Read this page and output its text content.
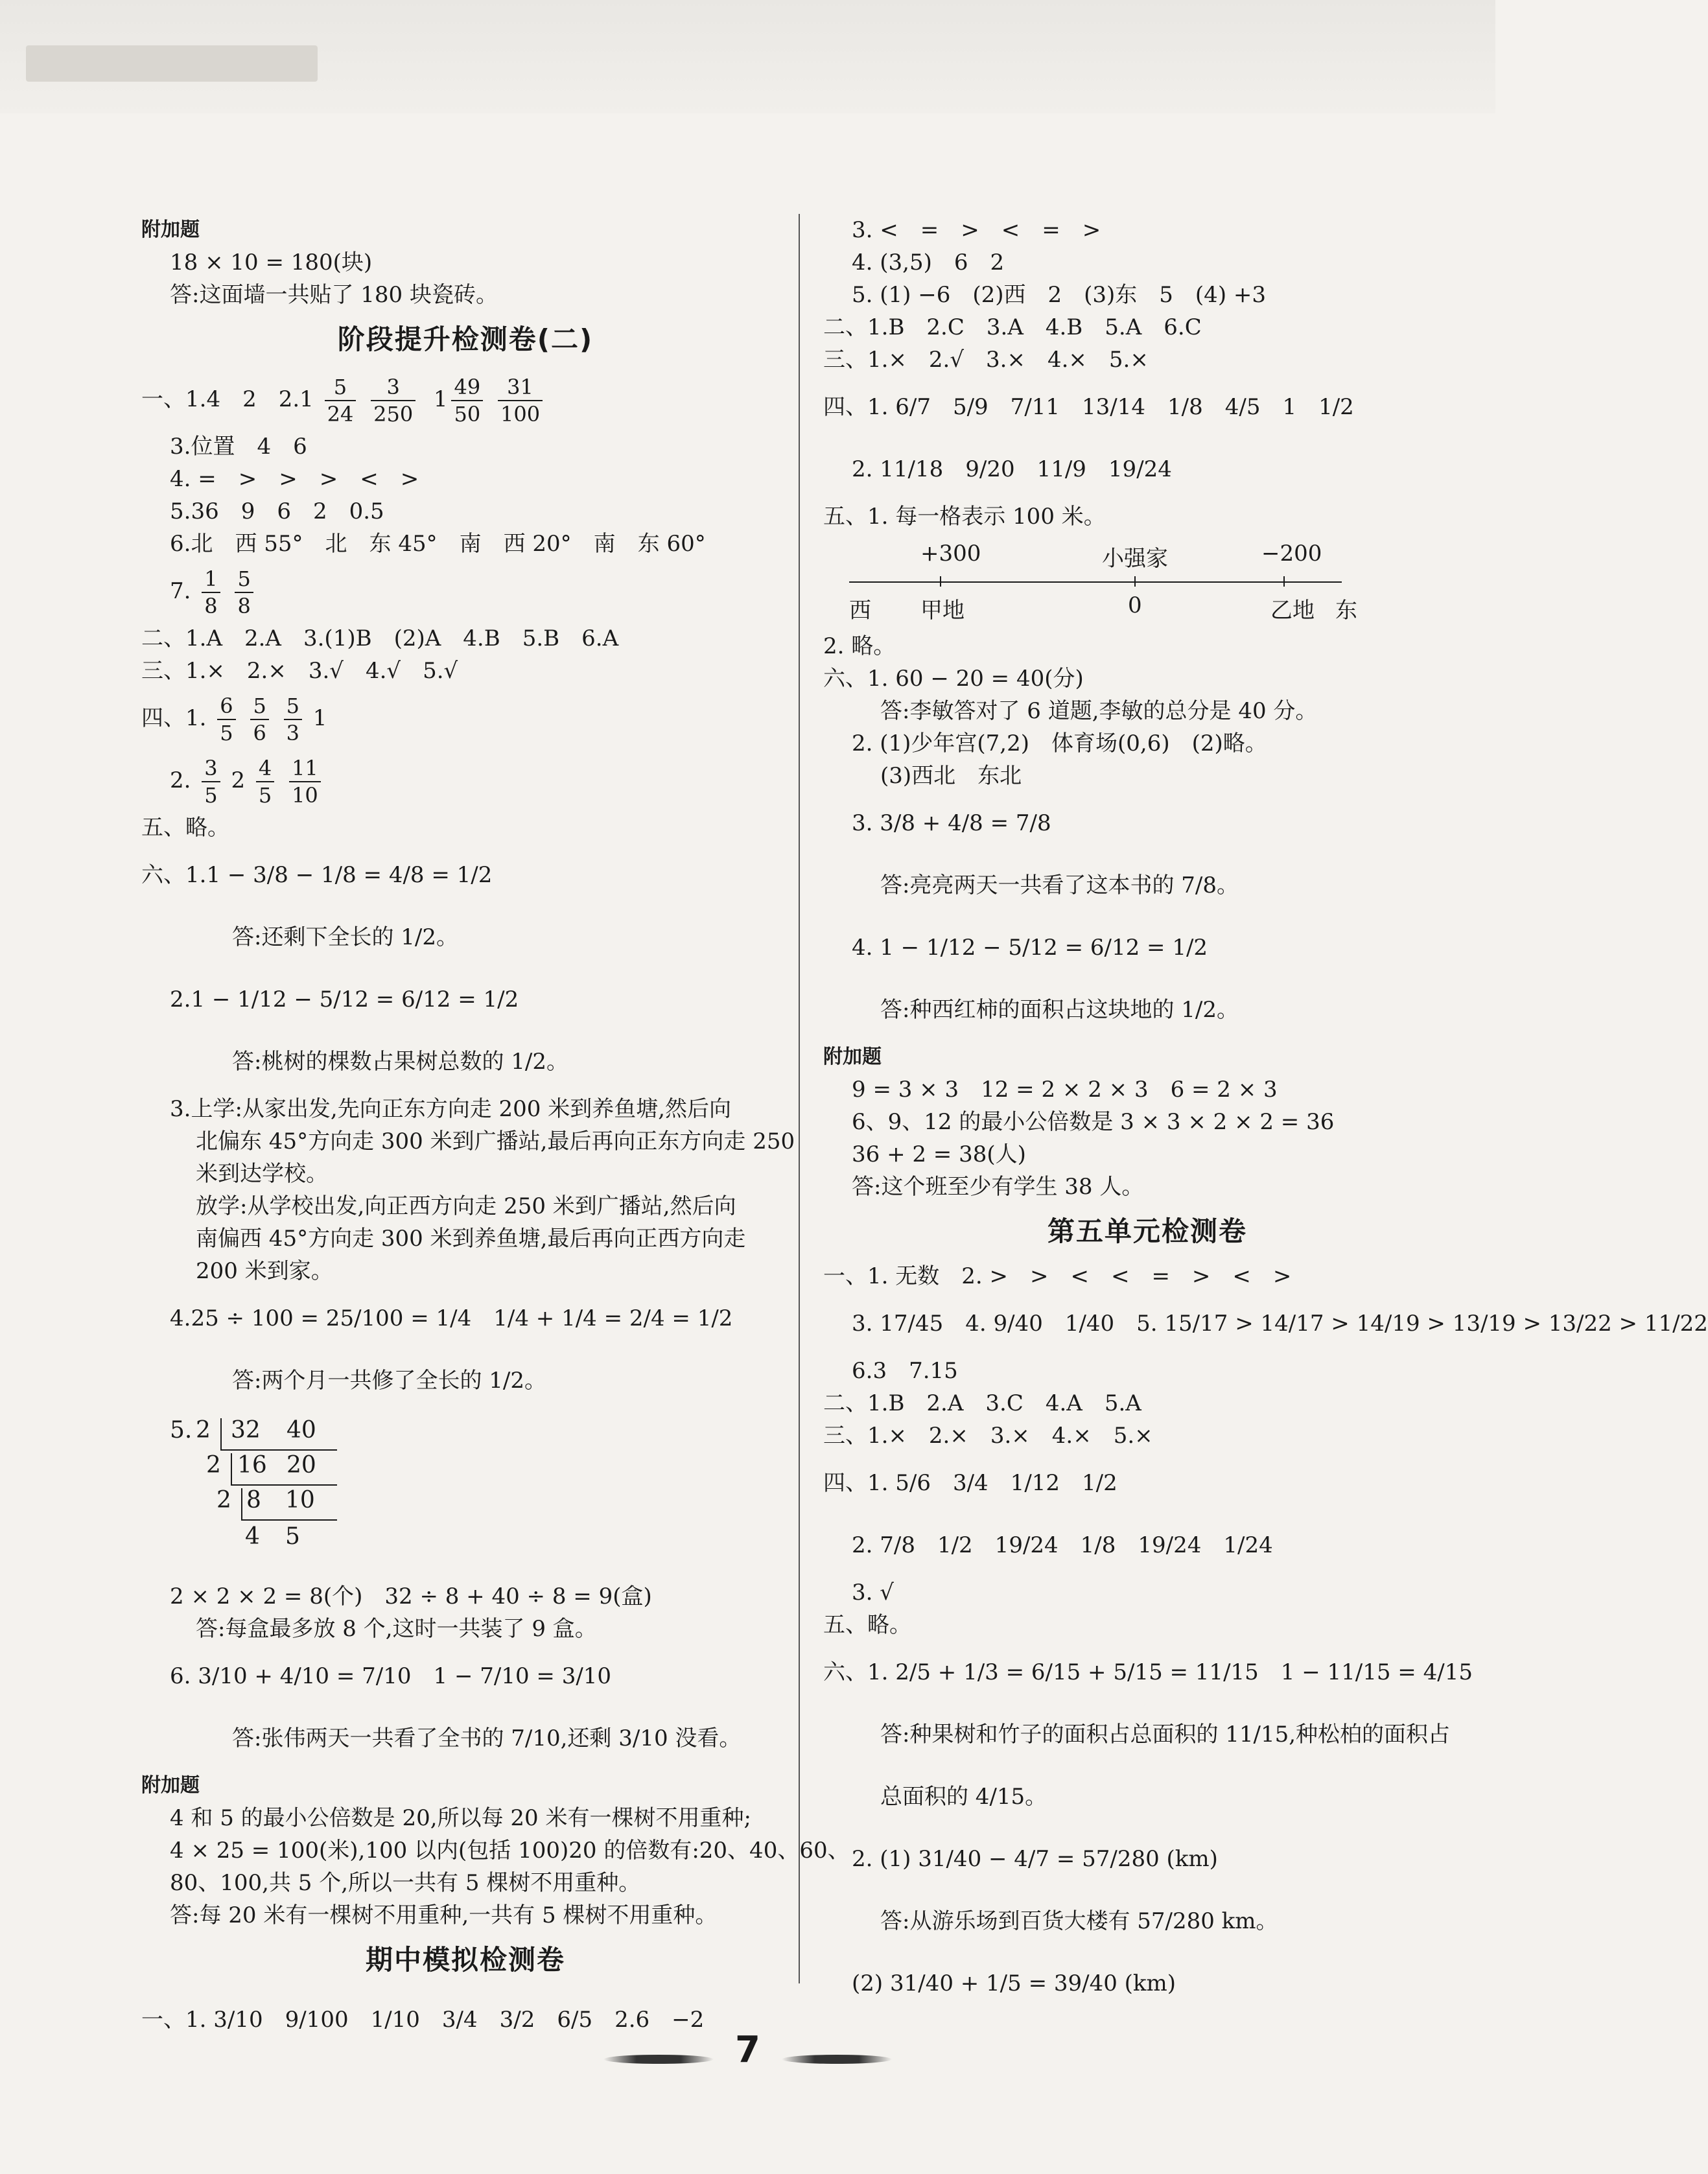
附加题
18 × 10 = 180(块)
答:这面墙一共贴了 180 块瓷砖。
阶段提升检测卷(二)
一、1.4　2　$2.1 \frac{5}{24}$
$\frac{3}{250} 1 \frac{49}{50}$
$\frac{31}{100}$
3.位置　4　6
4. =　>　>　>　<　>
5.36　9　6　2　0.5
6.北　西 55°　北　东 45°　南　西 20°　南　东 60°
7. $\frac{1}{8}$
$\frac{5}{8}$
二、1.A　2.A　3.(1)B　(2)A　4.B　5.B　6.A
三、1.×　2.×　3.√　4.√　5.√
四、1. $\frac{6}{5}$
$\frac{5}{6}$
$\frac{5}{3} 1$
2. $\frac{3}{5} 2 \frac{4}{5}$
$\frac{11}{10}$
五、略。
六、1.1 − 3/8 − 1/8 = 4/8 = 1/2
答:还剩下全长的 1/2。
2.1 − 1/12 − 5/12 = 6/12 = 1/2
答:桃树的棵数占果树总数的 1/2。
3.上学:从家出发,先向正东方向走 200 米到养鱼塘,然后向
北偏东 45°方向走 300 米到广播站,最后再向正东方向走 250
米到达学校。
放学:从学校出发,向正西方向走 250 米到广播站,然后向
南偏西 45°方向走 300 米到养鱼塘,最后再向正西方向走
200 米到家。
4.25 ÷ 100 = 25/100 = 1/4　1/4 + 1/4 = 2/4 = 1/2
答:两个月一共修了全长的 1/2。
5. 2 32 40
2 16 20
2 8 10
4 5
2 × 2 × 2 = 8(个)　32 ÷ 8 + 40 ÷ 8 = 9(盒)
答:每盒最多放 8 个,这时一共装了 9 盒。
6. 3/10 + 4/10 = 7/10　1 − 7/10 = 3/10
答:张伟两天一共看了全书的 7/10,还剩 3/10 没看。
附加题
4 和 5 的最小公倍数是 20,所以每 20 米有一棵树不用重种;
4 × 25 = 100(米),100 以内(包括 100)20 的倍数有:20、40、60、
80、100,共 5 个,所以一共有 5 棵树不用重种。
答:每 20 米有一棵树不用重种,一共有 5 棵树不用重种。
期中模拟检测卷
一、1. 3/10　9/100　1/10　3/4　3/2　6/5　2.6　−2
3. <　=　>　<　=　>
4. (3,5)　6　2
5. (1) −6　(2)西　2　(3)东　5　(4) +3
二、1.B　2.C　3.A　4.B　5.A　6.C
三、1.×　2.√　3.×　4.×　5.×
四、1. 6/7　5/9　7/11　13/14　1/8　4/5　1　1/2
2. 11/18　9/20　11/9　19/24
五、1. 每一格表示 100 米。
+300	小强家	−200
西 甲地	0	乙地 东
2. 略。
六、1. 60 − 20 = 40(分)
答:李敏答对了 6 道题,李敏的总分是 40 分。
2. (1)少年宫(7,2)　体育场(0,6)　(2)略。
(3)西北　东北
3. 3/8 + 4/8 = 7/8
答:亮亮两天一共看了这本书的 7/8。
4. 1 − 1/12 − 5/12 = 6/12 = 1/2
答:种西红柿的面积占这块地的 1/2。
附加题
9 = 3 × 3　12 = 2 × 2 × 3　6 = 2 × 3
6、9、12 的最小公倍数是 3 × 3 × 2 × 2 = 36
36 + 2 = 38(人)
答:这个班至少有学生 38 人。
第五单元检测卷
一、1. 无数　2. >　>　<　<　=　>　<　>
3. 17/45　4. 9/40　1/40　5. 15/17 > 14/17 > 14/19 > 13/19 > 13/22 > 11/22
6.3　7.15
二、1.B　2.A　3.C　4.A　5.A
三、1.×　2.×　3.×　4.×　5.×
四、1. 5/6　3/4　1/12　1/2
2. 7/8　1/2　19/24　1/8　19/24　1/24
3. √
五、略。
六、1. 2/5 + 1/3 = 6/15 + 5/15 = 11/15　1 − 11/15 = 4/15
答:种果树和竹子的面积占总面积的 11/15,种松柏的面积占
总面积的 4/15。
2. (1) 31/40 − 4/7 = 57/280 (km)
答:从游乐场到百货大楼有 57/280 km。
(2) 31/40 + 1/5 = 39/40 (km)
7
